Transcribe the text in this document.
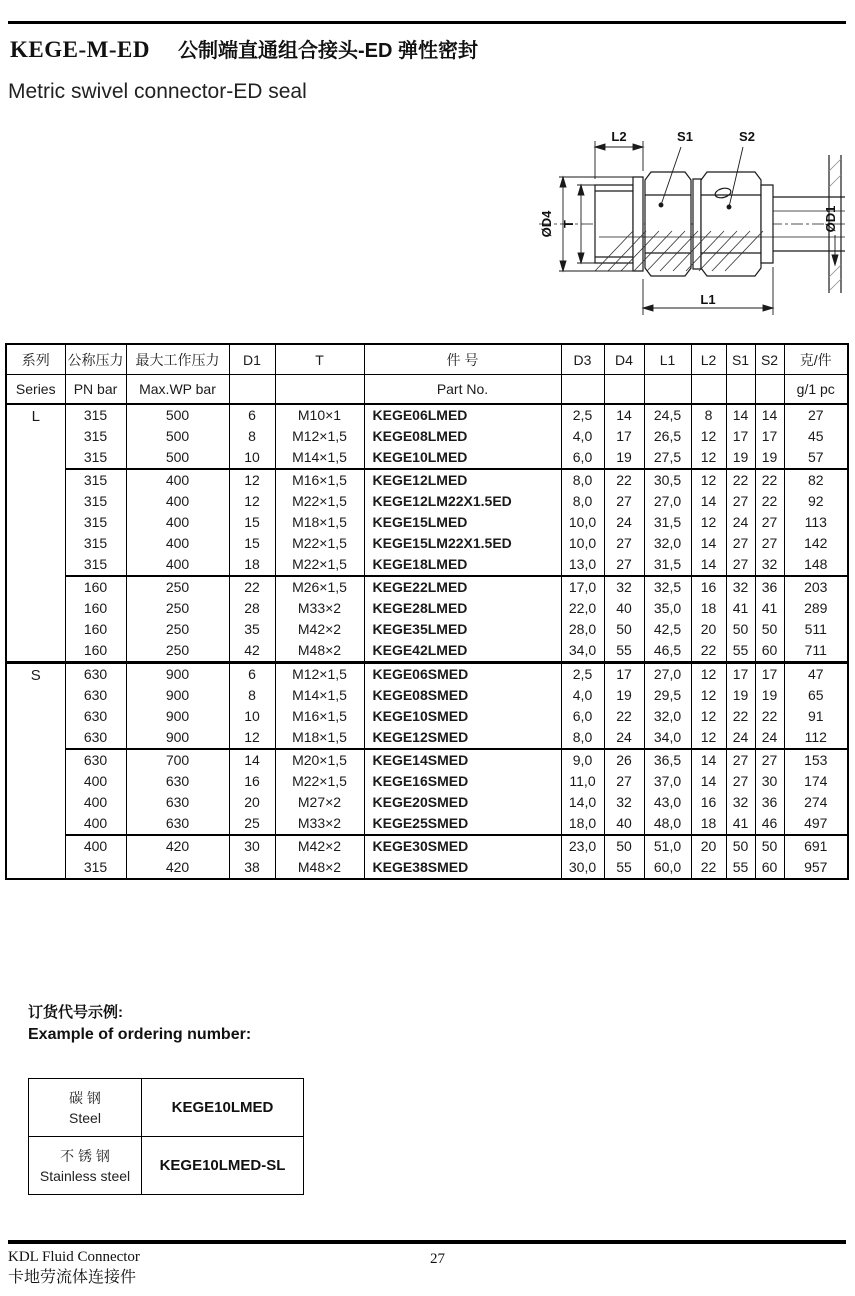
KEGE-M-ED 公制端直通组合接头-ED 弹性密封
Metric swivel connector-ED seal
L2	S1	S2
ØD4 T	ØD1
L1
系列	公称压力	最大工作压力	D1	T	件 号	D3	D4	L1	L2	S1	S2	克/件
Series	PN bar	Max.WP bar			Part No.							g/1 pc
L	315	500	6	M10×1	KEGE06LMED	2,5	14	24,5	8	14	14	27
	315	500	8	M12×1,5	KEGE08LMED	4,0	17	26,5	12	17	17	45
	315	500	10	M14×1,5	KEGE10LMED	6,0	19	27,5	12	19	19	57
	315	400	12	M16×1,5	KEGE12LMED	8,0	22	30,5	12	22	22	82
	315	400	12	M22×1,5	KEGE12LM22X1.5ED	8,0	27	27,0	14	27	22	92
	315	400	15	M18×1,5	KEGE15LMED	10,0	24	31,5	12	24	27	113
	315	400	15	M22×1,5	KEGE15LM22X1.5ED	10,0	27	32,0	14	27	27	142
	315	400	18	M22×1,5	KEGE18LMED	13,0	27	31,5	14	27	32	148
	160	250	22	M26×1,5	KEGE22LMED	17,0	32	32,5	16	32	36	203
	160	250	28	M33×2	KEGE28LMED	22,0	40	35,0	18	41	41	289
	160	250	35	M42×2	KEGE35LMED	28,0	50	42,5	20	50	50	511
	160	250	42	M48×2	KEGE42LMED	34,0	55	46,5	22	55	60	711
S	630	900	6	M12×1,5	KEGE06SMED	2,5	17	27,0	12	17	17	47
	630	900	8	M14×1,5	KEGE08SMED	4,0	19	29,5	12	19	19	65
	630	900	10	M16×1,5	KEGE10SMED	6,0	22	32,0	12	22	22	91
	630	900	12	M18×1,5	KEGE12SMED	8,0	24	34,0	12	24	24	112
	630	700	14	M20×1,5	KEGE14SMED	9,0	26	36,5	14	27	27	153
	400	630	16	M22×1,5	KEGE16SMED	11,0	27	37,0	14	27	30	174
	400	630	20	M27×2	KEGE20SMED	14,0	32	43,0	16	32	36	274
	400	630	25	M33×2	KEGE25SMED	18,0	40	48,0	18	41	46	497
	400	420	30	M42×2	KEGE30SMED	23,0	50	51,0	20	50	50	691
	315	420	38	M48×2	KEGE38SMED	30,0	55	60,0	22	55	60	957
订货代号示例:
Example of ordering number:
碳 钢
Steel	KEGE10LMED

不 锈 钢
Stainless steel	KEGE10LMED-SL
KDL Fluid Connector
卡地劳流体连接件
27
